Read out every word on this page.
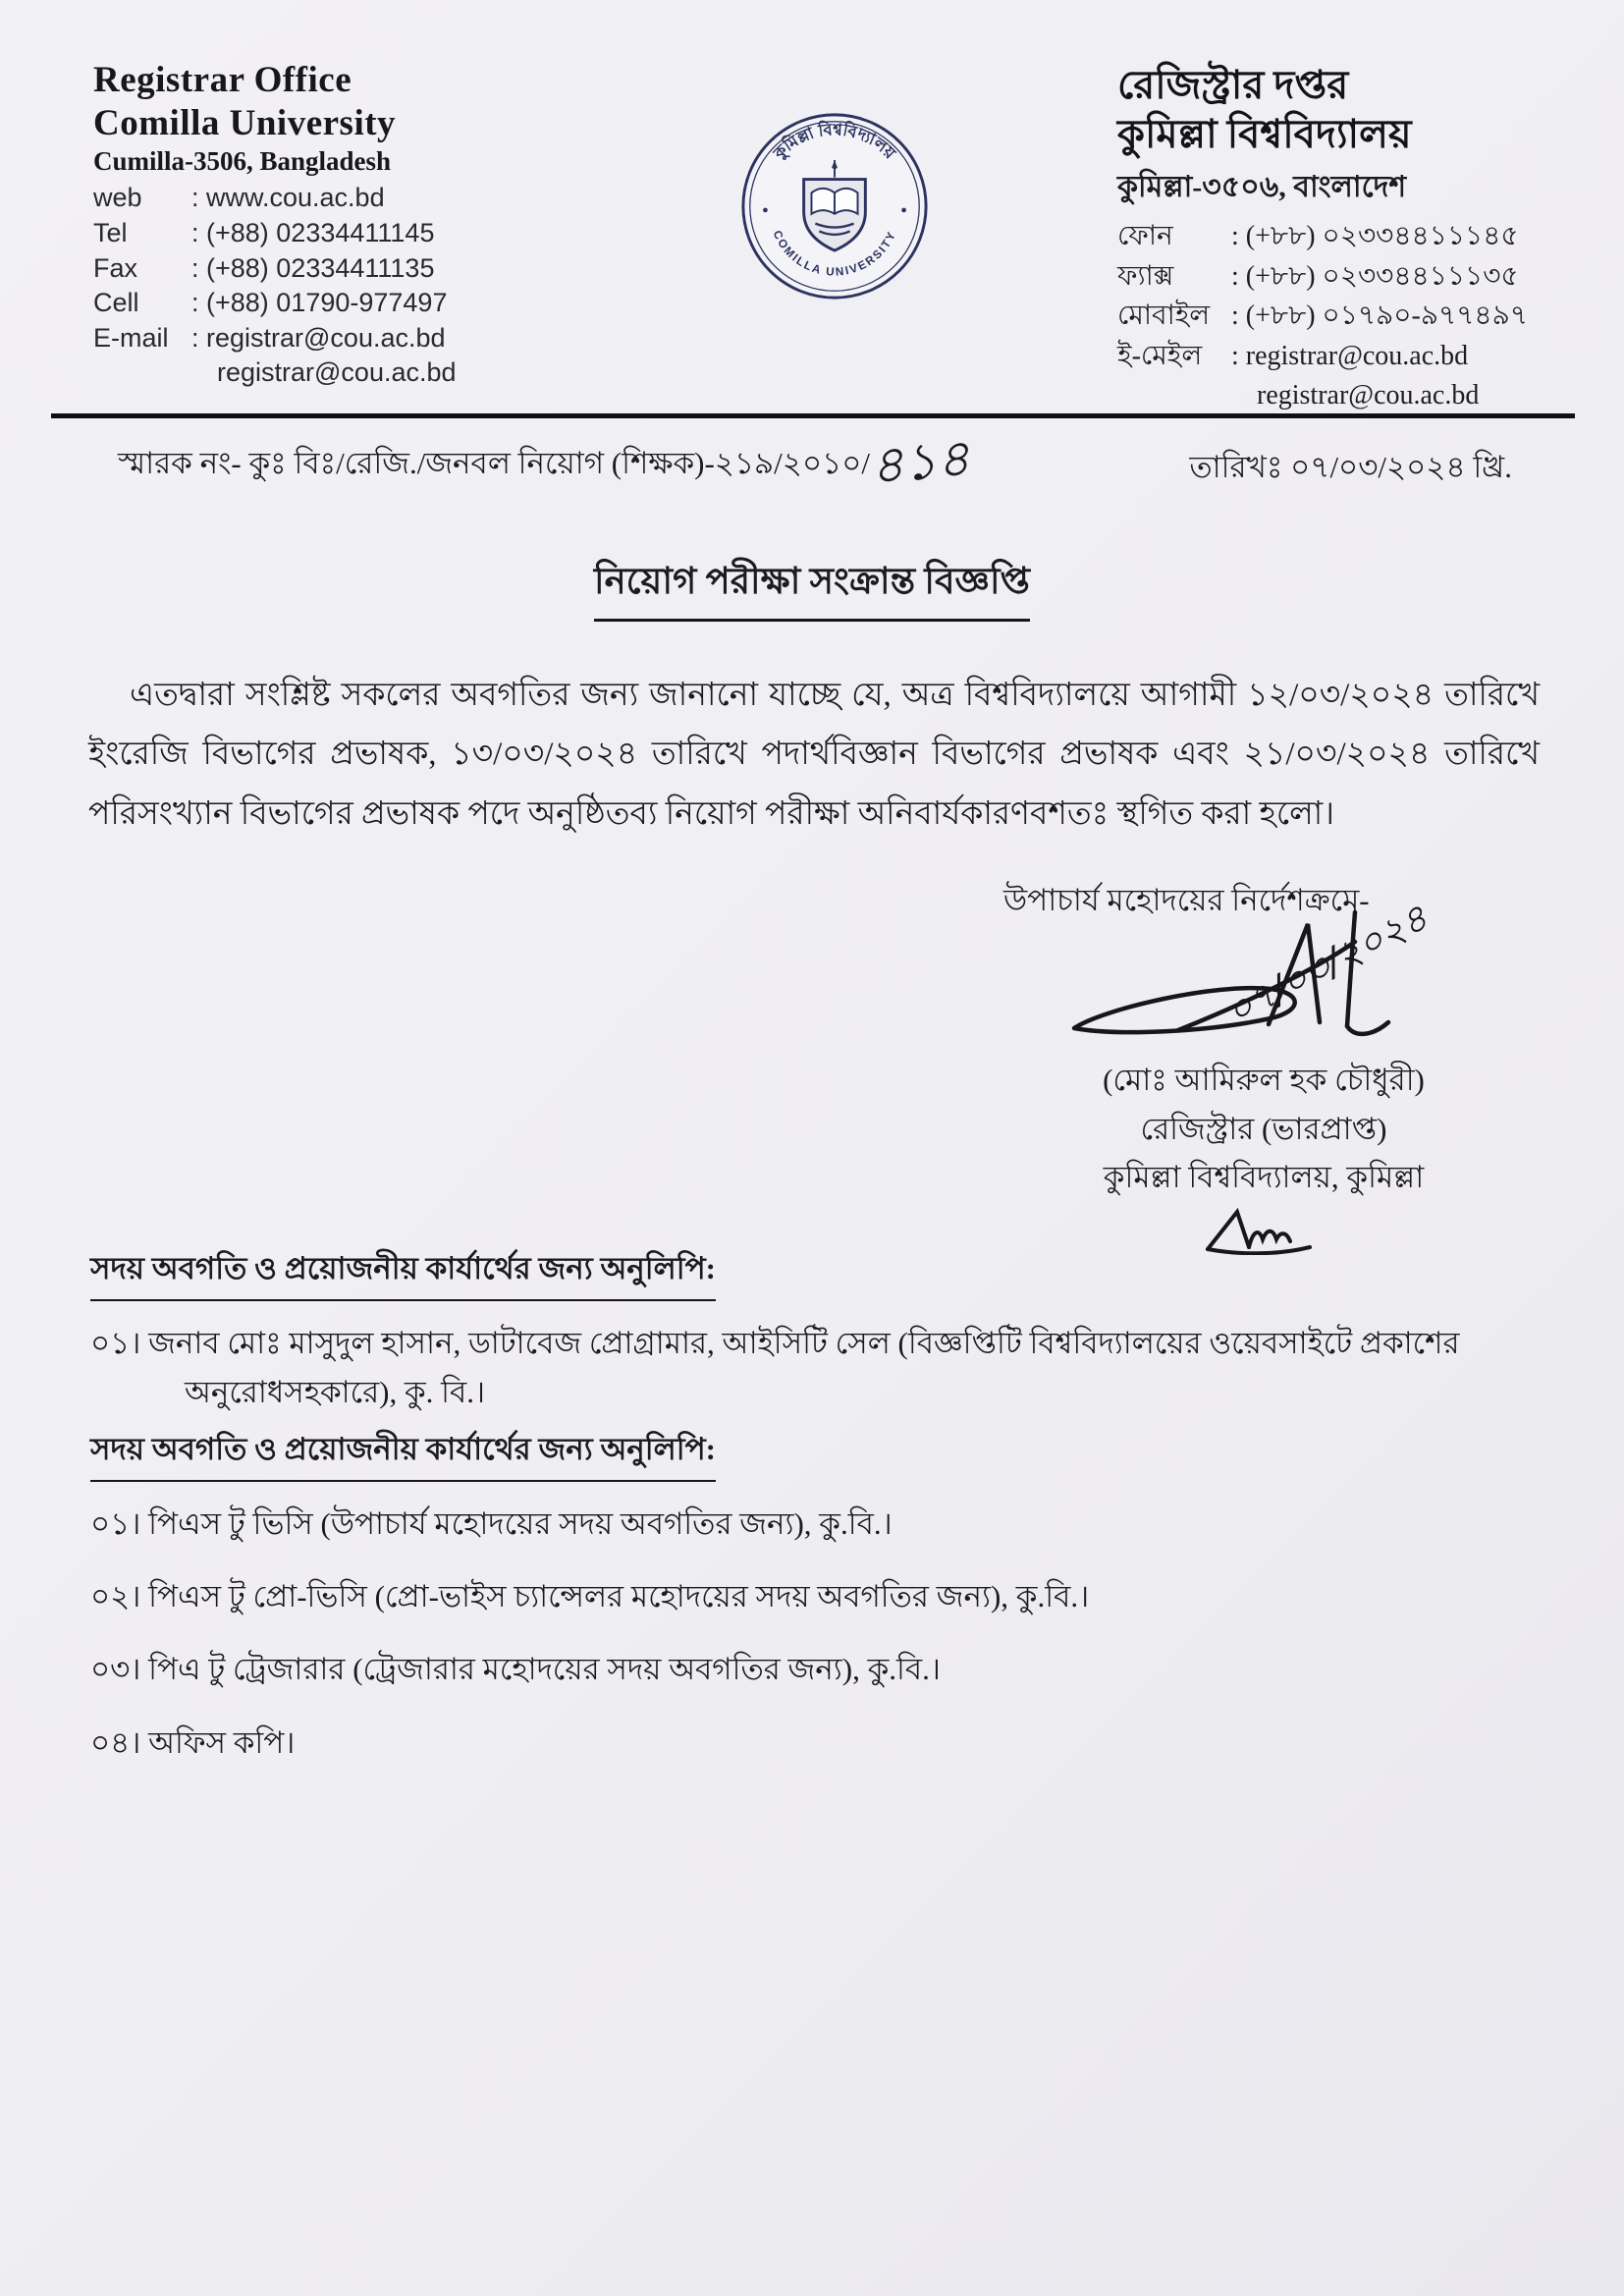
Registrar Office
Comilla University
Cumilla-3506, Bangladesh
web	: www.cou.ac.bd
Tel	: (+88) 02334411145
Fax	: (+88) 02334411135
Cell	: (+88) 01790-977497
E-mail : registrar@cou.ac.bd
registrar@cou.ac.bd
কুমিল্লা বিশ্ববিদ্যালয়
COMILLA UNIVERSITY
রেজিস্ট্রার দপ্তর
কুমিল্লা বিশ্ববিদ্যালয়
কুমিল্লা-৩৫০৬, বাংলাদেশ
ফোন	: (+৮৮) ০২৩৩৪৪১১১৪৫
ফ্যাক্স	: (+৮৮) ০২৩৩৪৪১১১৩৫
মোবাইল : (+৮৮) ০১৭৯০-৯৭৭৪৯৭
ই-মেইল	: registrar@cou.ac.bd
registrar@cou.ac.bd
স্মারক নং- কুঃ বিঃ/রেজি./জনবল নিয়োগ (শিক্ষক)-২১৯/২০১০/৪১৪	তারিখঃ ০৭/০৩/২০২৪ খ্রি.
নিয়োগ পরীক্ষা সংক্রান্ত বিজ্ঞপ্তি

এতদ্বারা সংশ্লিষ্ট সকলের অবগতির জন্য জানানো যাচ্ছে যে, অত্র বিশ্ববিদ্যালয়ে আগামী ১২/০৩/২০২৪ তারিখে ইংরেজি বিভাগের প্রভাষক, ১৩/০৩/২০২৪ তারিখে পদার্থবিজ্ঞান বিভাগের প্রভাষক এবং ২১/০৩/২০২৪ তারিখে পরিসংখ্যান বিভাগের প্রভাষক পদে অনুষ্ঠিতব্য নিয়োগ পরীক্ষা অনিবার্যকারণবশতঃ স্থগিত করা হলো।

উপাচার্য মহোদয়ের নির্দেশক্রমে-
০৭/০৩/২০২৪
(মোঃ আমিরুল হক চৌধুরী)
রেজিস্ট্রার (ভারপ্রাপ্ত)
কুমিল্লা বিশ্ববিদ্যালয়, কুমিল্লা
সদয় অবগতি ও প্রয়োজনীয় কার্যার্থের জন্য অনুলিপি:
০১। জনাব মোঃ মাসুদুল হাসান, ডাটাবেজ প্রোগ্রামার, আইসিটি সেল (বিজ্ঞপ্তিটি বিশ্ববিদ্যালয়ের ওয়েবসাইটে প্রকাশের অনুরোধসহকারে), কু. বি.।
সদয় অবগতি ও প্রয়োজনীয় কার্যার্থের জন্য অনুলিপি:
০১। পিএস টু ভিসি (উপাচার্য মহোদয়ের সদয় অবগতির জন্য), কু.বি.।
০২। পিএস টু প্রো-ভিসি (প্রো-ভাইস চ্যান্সেলর মহোদয়ের সদয় অবগতির জন্য), কু.বি.।
০৩। পিএ টু ট্রেজারার (ট্রেজারার মহোদয়ের সদয় অবগতির জন্য), কু.বি.।
০৪। অফিস কপি।
